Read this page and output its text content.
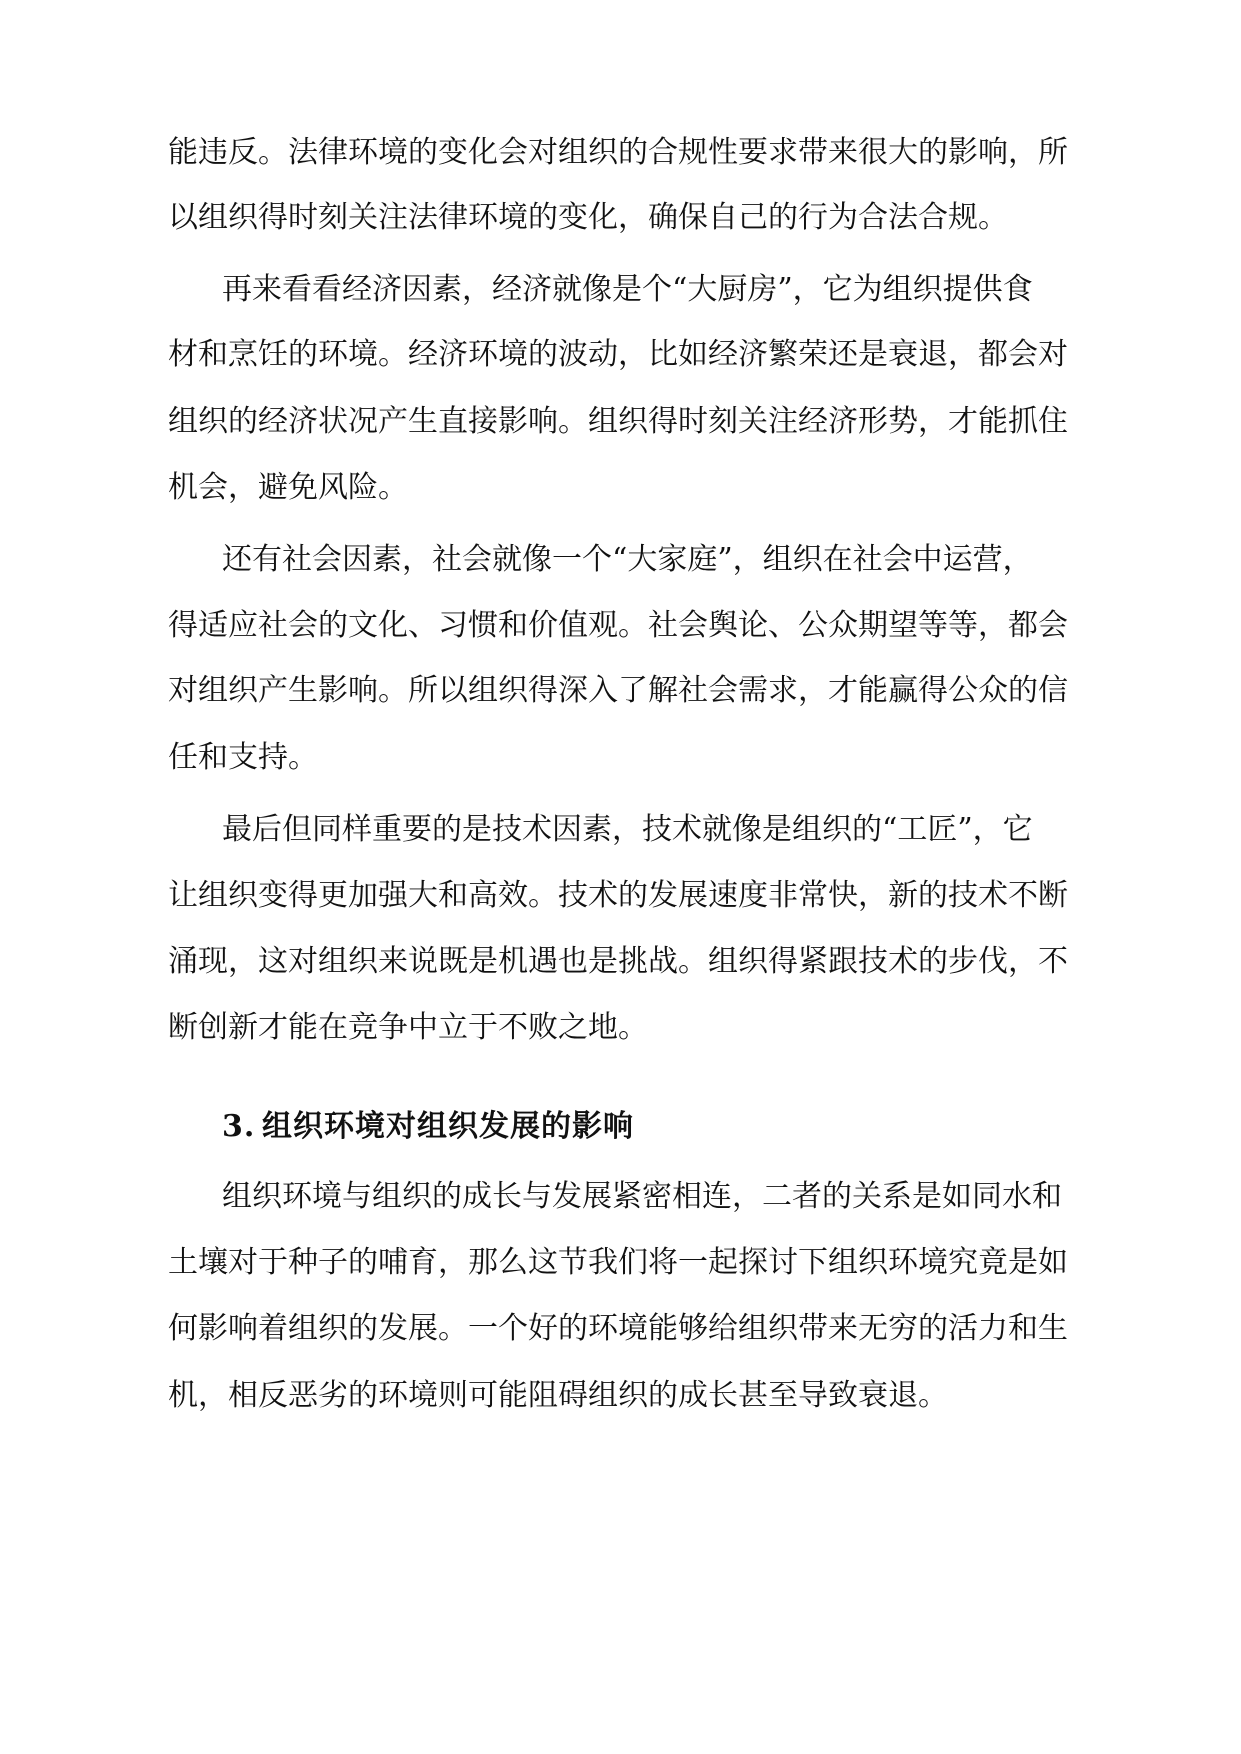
能违反。法律环境的变化会对组织的合规性要求带来很大的影响，所
以组织得时刻关注法律环境的变化，确保自己的行为合法合规。
再来看看经济因素，经济就像是个“大厨房”，它为组织提供食
材和烹饪的环境。经济环境的波动，比如经济繁荣还是衰退，都会对
组织的经济状况产生直接影响。组织得时刻关注经济形势，才能抓住
机会，避免风险。
还有社会因素，社会就像一个“大家庭”，组织在社会中运营，
得适应社会的文化、习惯和价值观。社会舆论、公众期望等等，都会
对组织产生影响。所以组织得深入了解社会需求，才能赢得公众的信
任和支持。
最后但同样重要的是技术因素，技术就像是组织的“工匠”，它
让组织变得更加强大和高效。技术的发展速度非常快，新的技术不断
涌现，这对组织来说既是机遇也是挑战。组织得紧跟技术的步伐，不
断创新才能在竞争中立于不败之地。
3. 组织环境对组织发展的影响
组织环境与组织的成长与发展紧密相连，二者的关系是如同水和
土壤对于种子的哺育，那么这节我们将一起探讨下组织环境究竟是如
何影响着组织的发展。一个好的环境能够给组织带来无穷的活力和生
机，相反恶劣的环境则可能阻碍组织的成长甚至导致衰退。
